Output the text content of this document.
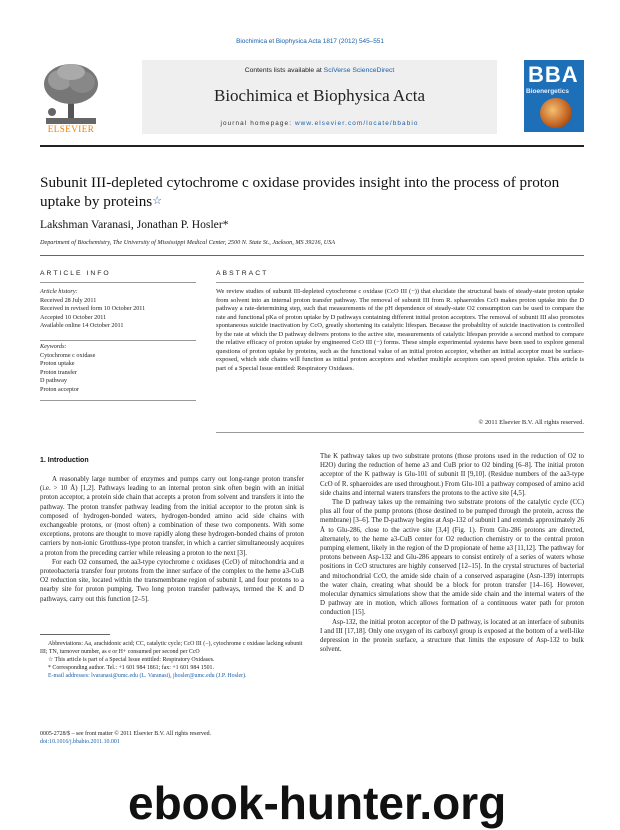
Biochimica et Biophysica Acta 1817 (2012) 545–551
ELSEVIER
Contents lists available at SciVerse ScienceDirect
Biochimica et Biophysica Acta
journal homepage: www.elsevier.com/locate/bbabio
BBA
Bioenergetics
Subunit III-depleted cytochrome c oxidase provides insight into the process of proton uptake by proteins☆
Lakshman Varanasi, Jonathan P. Hosler*
Department of Biochemistry, The University of Mississippi Medical Center, 2500 N. State St., Jackson, MS 39216, USA
ARTICLE INFO	ABSTRACT
Article history:
Received 28 July 2011
Received in revised form 10 October 2011
Accepted 10 October 2011
Available online 14 October 2011
Keywords:
Cytochrome c oxidase
Proton uptake
Proton transfer
D pathway
Proton acceptor
We review studies of subunit III-depleted cytochrome c oxidase (CcO III (−)) that elucidate the structural basis of steady-state proton uptake from solvent into an internal proton transfer pathway. The removal of subunit III from R. sphaeroides CcO makes proton uptake into the D pathway a rate-determining step, such that measurements of the pH dependence of steady-state O2 consumption can be used to compare the rate and functional pKa of proton uptake by D pathways containing different initial proton acceptors. The removal of subunit III also promotes spontaneous suicide inactivation by CcO, greatly shortening its catalytic lifespan. Because the probability of suicide inactivation is controlled by the rate at which the D pathway delivers protons to the active site, measurements of catalytic lifespan provide a second method to compare the relative efficacy of proton uptake by engineered CcO III (−) forms. These simple experimental systems have been used to explore general questions of proton uptake by proteins, such as the functional value of an initial proton acceptor, whether an initial acceptor must be surface-exposed, which side chains will function as initial proton acceptors and whether multiple acceptors can speed proton uptake. This article is part of a Special Issue entitled: Respiratory Oxidases.
© 2011 Elsevier B.V. All rights reserved.
1. Introduction

A reasonably large number of enzymes and pumps carry out long-range proton transfer (i.e. > 10 Å) [1,2]. Pathways leading to an internal proton sink often begin with an initial proton acceptor, a protein side chain that accepts a proton from solvent and transfers it into the pathway. The proton transfer pathway leading from the initial acceptor to the proton sink is composed of hydrogen-bonded waters, hydrogen-bonded amino acid side chains with exchangeable protons, or (most often) a combination of these two components. With some exceptions, protons are thought to move rapidly along these hydrogen-bonded chains of proton carriers by non-ionic Grotthuss-type proton transfer, in which a carrier simultaneously acquires a proton from the preceding carrier while releasing a proton to the next [3].

For each O2 consumed, the aa3-type cytochrome c oxidases (CcO) of mitochondria and α proteobacteria transfer four protons from the inner surface of the complex to the heme a3-CuB O2 reduction site, located within the transmembrane region of subunit I, and four protons to a nearby site for proton pumping. Two long proton transfer pathways, termed the K and D pathways, carry out this function [2–5].

Abbreviations: Aa, arachidonic acid; CC, catalytic cycle; CcO III (−), cytochrome c oxidase lacking subunit III; TN, turnover number, as e or H+ consumed per second per CcO
☆ This article is part of a Special Issue entitled: Respiratory Oxidases.
* Corresponding author. Tel.: +1 601 984 1861; fax: +1 601 984 1501.
E-mail addresses: lvaranasi@umc.edu (L. Varanasi), jhosler@umc.edu (J.P. Hosler).
0005-2728/$ – see front matter © 2011 Elsevier B.V. All rights reserved.
doi:10.1016/j.bbabio.2011.10.001

The K pathway takes up two substrate protons (those protons used in the reduction of O2 to H2O) during the reduction of heme a3 and CuB prior to O2 binding [6–8]. The initial proton acceptor of the K pathway is Glu-101 of subunit II [9,10]. (Residue numbers of the aa3-type CcO of R. sphaeroides are used throughout.) From Glu-101 a pathway composed of amino acid side chains and internal waters transfers the protons to the active site [4,5].

The D pathway takes up the remaining two substrate protons of the catalytic cycle (CC) plus all four of the pump protons (those destined to be pumped through the protein, across the membrane) [3–6]. The D-pathway begins at Asp-132 of subunit I and extends approximately 26 Å to Glu-286, close to the active site [3,4] (Fig. 1). From Glu-286 protons are directed, alternately, to the heme a3-CuB center for O2 reduction chemistry or to the central proton pumping element, likely in the region of the D propionate of heme a3 [11,12]. The pathway for protons between Asp-132 and Glu-286 appears to consist entirely of a series of waters whose positions in CcO structures are highly conserved [12–15]. In the crystal structures of bacterial and mitochondrial CcO, the amide side chain of a conserved asparagine (Asn-139) interrupts the water chain, creating what should be a block for proton transfer [14–16]. However, molecular dynamics simulations show that the amide side chain and the internal waters of the D pathway are in motion, which allows formation of a continuous water path for proton conduction [15].

Asp-132, the initial proton acceptor of the D pathway, is located at an interface of subunits I and III [17,18]. Only one oxygen of its carboxyl group is exposed at the bottom of a well-like depression in the protein surface, a structure that limits the exposure of Asp-132 to bulk solvent.

ebook-hunter.org
